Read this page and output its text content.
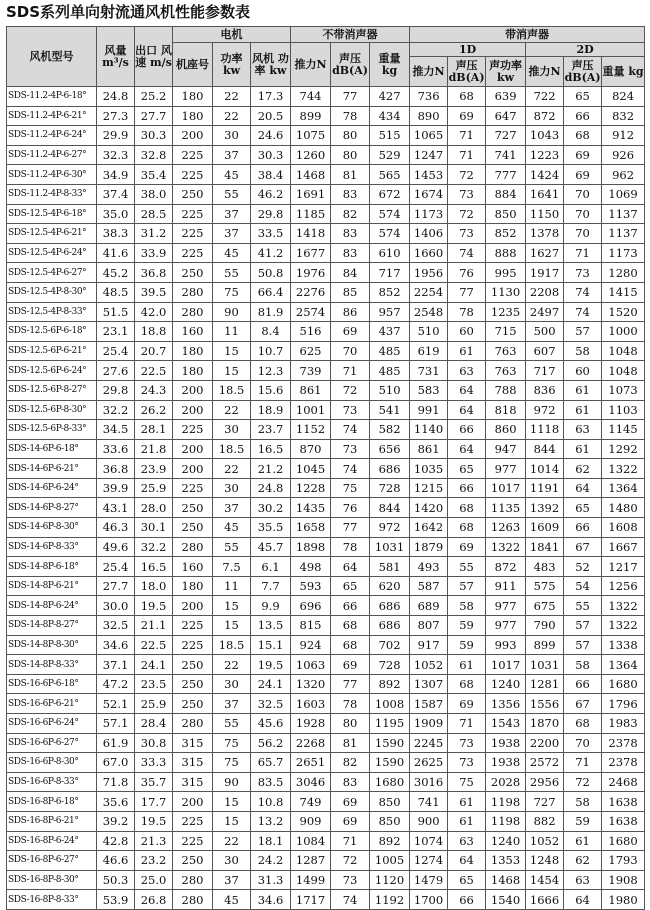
SDS系列单向射流通风机性能参数表
风机型号	风量 m³/s	出口 风速 m/s	电机			不带消声器			带消声器					
			机座号	功率 kw	风机 功率 kw	推力N	声压 dB(A)	重量 kg	1D			2D		
									推力N	声压 dB(A)	声功率 kw	推力N	声压 dB(A)	重量 kg

SDS-11.2-4P-6-18°	24.8	25.2	180	22	17.3	744	77	427	736	68	639	722	65	824
SDS-11.2-4P-6-21°	27.3	27.7	180	22	20.5	899	78	434	890	69	647	872	66	832
SDS-11.2-4P-6-24°	29.9	30.3	200	30	24.6	1075	80	515	1065	71	727	1043	68	912
SDS-11.2-4P-6-27°	32.3	32.8	225	37	30.3	1260	80	529	1247	71	741	1223	69	926
SDS-11.2-4P-6-30°	34.9	35.4	225	45	38.4	1468	81	565	1453	72	777	1424	69	962
SDS-11.2-4P-8-33°	37.4	38.0	250	55	46.2	1691	83	672	1674	73	884	1641	70	1069
SDS-12.5-4P-6-18°	35.0	28.5	225	37	29.8	1185	82	574	1173	72	850	1150	70	1137
SDS-12.5-4P-6-21°	38.3	31.2	225	37	33.5	1418	83	574	1406	73	852	1378	70	1137
SDS-12.5-4P-6-24°	41.6	33.9	225	45	41.2	1677	83	610	1660	74	888	1627	71	1173
SDS-12.5-4P-6-27°	45.2	36.8	250	55	50.8	1976	84	717	1956	76	995	1917	73	1280
SDS-12.5-4P-8-30°	48.5	39.5	280	75	66.4	2276	85	852	2254	77	1130	2208	74	1415
SDS-12.5-4P-8-33°	51.5	42.0	280	90	81.9	2574	86	957	2548	78	1235	2497	74	1520
SDS-12.5-6P-6-18°	23.1	18.8	160	11	8.4	516	69	437	510	60	715	500	57	1000
SDS-12.5-6P-6-21°	25.4	20.7	180	15	10.7	625	70	485	619	61	763	607	58	1048
SDS-12.5-6P-6-24°	27.6	22.5	180	15	12.3	739	71	485	731	63	763	717	60	1048
SDS-12.5-6P-8-27°	29.8	24.3	200	18.5	15.6	861	72	510	583	64	788	836	61	1073
SDS-12.5-6P-8-30°	32.2	26.2	200	22	18.9	1001	73	541	991	64	818	972	61	1103
SDS-12.5-6P-8-33°	34.5	28.1	225	30	23.7	1152	74	582	1140	66	860	1118	63	1145
SDS-14-6P-6-18°	33.6	21.8	200	18.5	16.5	870	73	656	861	64	947	844	61	1292
SDS-14-6P-6-21°	36.8	23.9	200	22	21.2	1045	74	686	1035	65	977	1014	62	1322
SDS-14-6P-6-24°	39.9	25.9	225	30	24.8	1228	75	728	1215	66	1017	1191	64	1364
SDS-14-6P-8-27°	43.1	28.0	250	37	30.2	1435	76	844	1420	68	1135	1392	65	1480
SDS-14-6P-8-30°	46.3	30.1	250	45	35.5	1658	77	972	1642	68	1263	1609	66	1608
SDS-14-6P-8-33°	49.6	32.2	280	55	45.7	1898	78	1031	1879	69	1322	1841	67	1667
SDS-14-8P-6-18°	25.4	16.5	160	7.5	6.1	498	64	581	493	55	872	483	52	1217
SDS-14-8P-6-21°	27.7	18.0	180	11	7.7	593	65	620	587	57	911	575	54	1256
SDS-14-8P-6-24°	30.0	19.5	200	15	9.9	696	66	686	689	58	977	675	55	1322
SDS-14-8P-8-27°	32.5	21.1	225	15	13.5	815	68	686	807	59	977	790	57	1322
SDS-14-8P-8-30°	34.6	22.5	225	18.5	15.1	924	68	702	917	59	993	899	57	1338
SDS-14-8P-8-33°	37.1	24.1	250	22	19.5	1063	69	728	1052	61	1017	1031	58	1364
SDS-16-6P-6-18°	47.2	23.5	250	30	24.1	1320	77	892	1307	68	1240	1281	66	1680
SDS-16-6P-6-21°	52.1	25.9	250	37	32.5	1603	78	1008	1587	69	1356	1556	67	1796
SDS-16-6P-6-24°	57.1	28.4	280	55	45.6	1928	80	1195	1909	71	1543	1870	68	1983
SDS-16-6P-6-27°	61.9	30.8	315	75	56.2	2268	81	1590	2245	73	1938	2200	70	2378
SDS-16-6P-8-30°	67.0	33.3	315	75	65.7	2651	82	1590	2625	73	1938	2572	71	2378
SDS-16-6P-8-33°	71.8	35.7	315	90	83.5	3046	83	1680	3016	75	2028	2956	72	2468
SDS-16-8P-6-18°	35.6	17.7	200	15	10.8	749	69	850	741	61	1198	727	58	1638
SDS-16-8P-6-21°	39.2	19.5	225	15	13.2	909	69	850	900	61	1198	882	59	1638
SDS-16-8P-6-24°	42.8	21.3	225	22	18.1	1084	71	892	1074	63	1240	1052	61	1680
SDS-16-8P-6-27°	46.6	23.2	250	30	24.2	1287	72	1005	1274	64	1353	1248	62	1793
SDS-16-8P-8-30°	50.3	25.0	280	37	31.3	1499	73	1120	1479	65	1468	1454	63	1908
SDS-16-8P-8-33°	53.9	26.8	280	45	34.6	1717	74	1192	1700	66	1540	1666	64	1980
